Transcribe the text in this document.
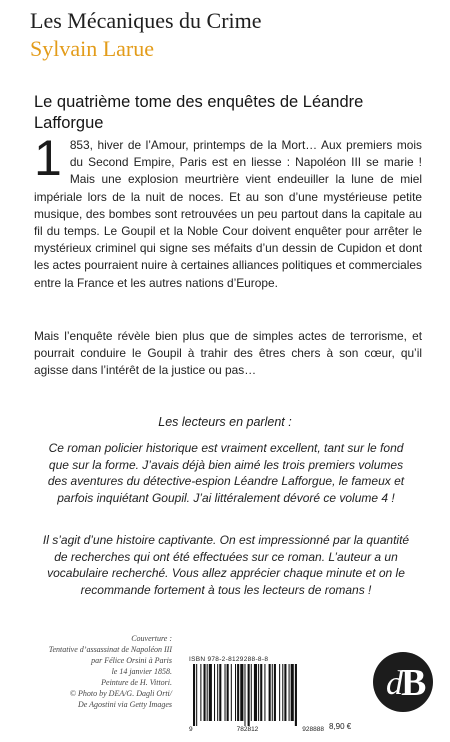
Les Mécaniques du Crime
Sylvain Larue
Le quatrième tome des enquêtes de Léandre Lafforgue
1 853, hiver de l’Amour, printemps de la Mort… Aux premiers mois du Second Empire, Paris est en liesse : Napoléon III se marie ! Mais une explosion meurtrière vient endeuiller la lune de miel impériale lors de la nuit de noces. Et au son d’une mystérieuse petite musique, des bombes sont retrouvées un peu partout dans la capitale au fil du temps. Le Goupil et la Noble Cour doivent enquêter pour arrêter le mystérieux criminel qui signe ses méfaits d’un dessin de Cupidon et dont les actes pourraient nuire à certaines alliances politiques et commerciales entre la France et les autres nations d’Europe.

Mais l’enquête révèle bien plus que de simples actes de terrorisme, et pourrait conduire le Goupil à trahir des êtres chers à son cœur, qu’il agisse dans l’intérêt de la justice ou pas…

Les lecteurs en parlent :

Ce roman policier historique est vraiment excellent, tant sur le fond que sur la forme. J’avais déjà bien aimé les trois premiers volumes des aventures du détective-espion Léandre Lafforgue, le fameux et parfois inquiétant Goupil. J’ai littéralement dévoré ce volume 4 !

Il s’agit d’une histoire captivante. On est impressionné par la quantité de recherches qui ont été effectuées sur ce roman. L’auteur a un vocabulaire recherché. Vous allez apprécier chaque minute et on le recommande fortement à tous les lecteurs de romans !

Couverture :
Tentative d’assassinat de Napoléon III
par Félice Orsini à Paris
le 14 janvier 1858.
Peinture de H. Vittori.
© Photo by DEA/G. Dagli Orti/
De Agostini via Getty Images
ISBN 978-2-8129288-8-8
9	782812	928888 8,90 €
d
B
